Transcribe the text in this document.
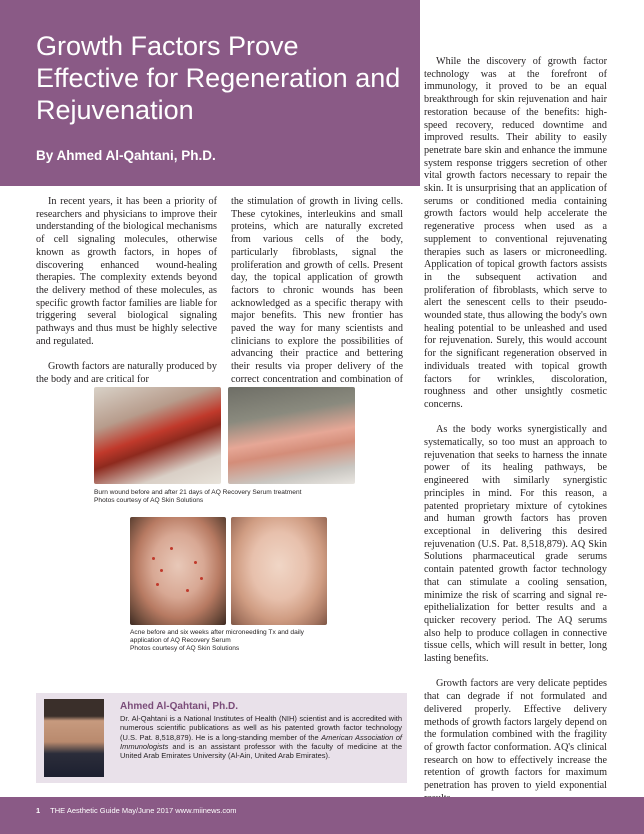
Growth Factors Prove Effective for Regeneration and Rejuvenation
By Ahmed Al-Qahtani, Ph.D.

In recent years, it has been a priority of researchers and physicians to improve their understanding of the biological mechanisms of cell signaling molecules, otherwise known as growth factors, in hopes of discovering enhanced wound-healing therapies. The complexity extends beyond the delivery method of these molecules, as specific growth factor families are liable for triggering several biological signaling pathways and thus must be highly selective and regulated.

Growth factors are naturally produced by the body and are critical for

the stimulation of growth in living cells. These cytokines, interleukins and small proteins, which are naturally excreted from various cells of the body, particularly fibroblasts, signal the proliferation and growth of cells. Present day, the topical application of growth factors to chronic wounds has been acknowledged as a specific therapy with major benefits. This new frontier has paved the way for many scientists and clinicians to explore the possibilities of advancing their practice and bettering their results via proper delivery of the correct concentration and combination of

While the discovery of growth factor technology was at the forefront of immunology, it proved to be an equal breakthrough for skin rejuvenation and hair restoration because of the benefits: high-speed recovery, reduced downtime and improved results. Their ability to easily penetrate bare skin and enhance the immune system response triggers secretion of other vital growth factors necessary to repair the skin. It is unsurprising that an application of serums or conditioned media containing growth factors would help accelerate the regenerative process when used as a supplement to conventional rejuvenating therapies such as lasers or microneedling. Application of topical growth factors assists in the subsequent activation and proliferation of fibroblasts, which serve to alert the senescent cells to their pseudo-wounded state, thus allowing the body's own healing potential to be unleashed and used for rejuvenation. Surely, this would account for the significant regeneration observed in individuals treated with topical growth factors for wrinkles, discoloration, roughness and other unsightly cosmetic concerns.

As the body works synergistically and systematically, so too must an approach to rejuvenation that seeks to harness the innate power of its healing pathways, be engineered with similarly synergistic principles in mind. For this reason, a patented proprietary mixture of cytokines and human growth factors has proven exceptional in delivering this desired rejuvenation (U.S. Pat. 8,518,879). AQ Skin Solutions pharmaceutical grade serums contain patented growth factor technology that can stimulate a cooling sensation, minimize the risk of scarring and signal re-epithelialization for better results and a quicker recovery period. The AQ serums also help to produce collagen in connective tissue cells, which will result in better, long lasting benefits.

Growth factors are very delicate peptides that can degrade if not formulated and delivered properly. Effective delivery methods of growth factors largely depend on the formulation combined with the fragility of growth factor conformation. AQ's clinical research on how to effectively increase the retention of growth factors for maximum penetration has proven to yield exponential

Burn wound before and after 21 days of AQ Recovery Serum treatment
Photos courtesy of AQ Skin Solutions
Acne before and six weeks after microneedling Tx and daily application of AQ Recovery Serum
Photos courtesy of AQ Skin Solutions
Ahmed Al-Qahtani, Ph.D.
Dr. Al-Qahtani is a National Institutes of Health (NIH) scientist and is accredited with numerous scientific publications as well as his patented growth factor technology (U.S. Pat. 8,518,879). He is a long-standing member of the American Association of Immunologists and is an assistant professor with the faculty of medicine at the United Arab Emirates University (Al-Ain, United Arab Emirates).
1 THE Aesthetic Guide May/June 2017 www.miinews.com
